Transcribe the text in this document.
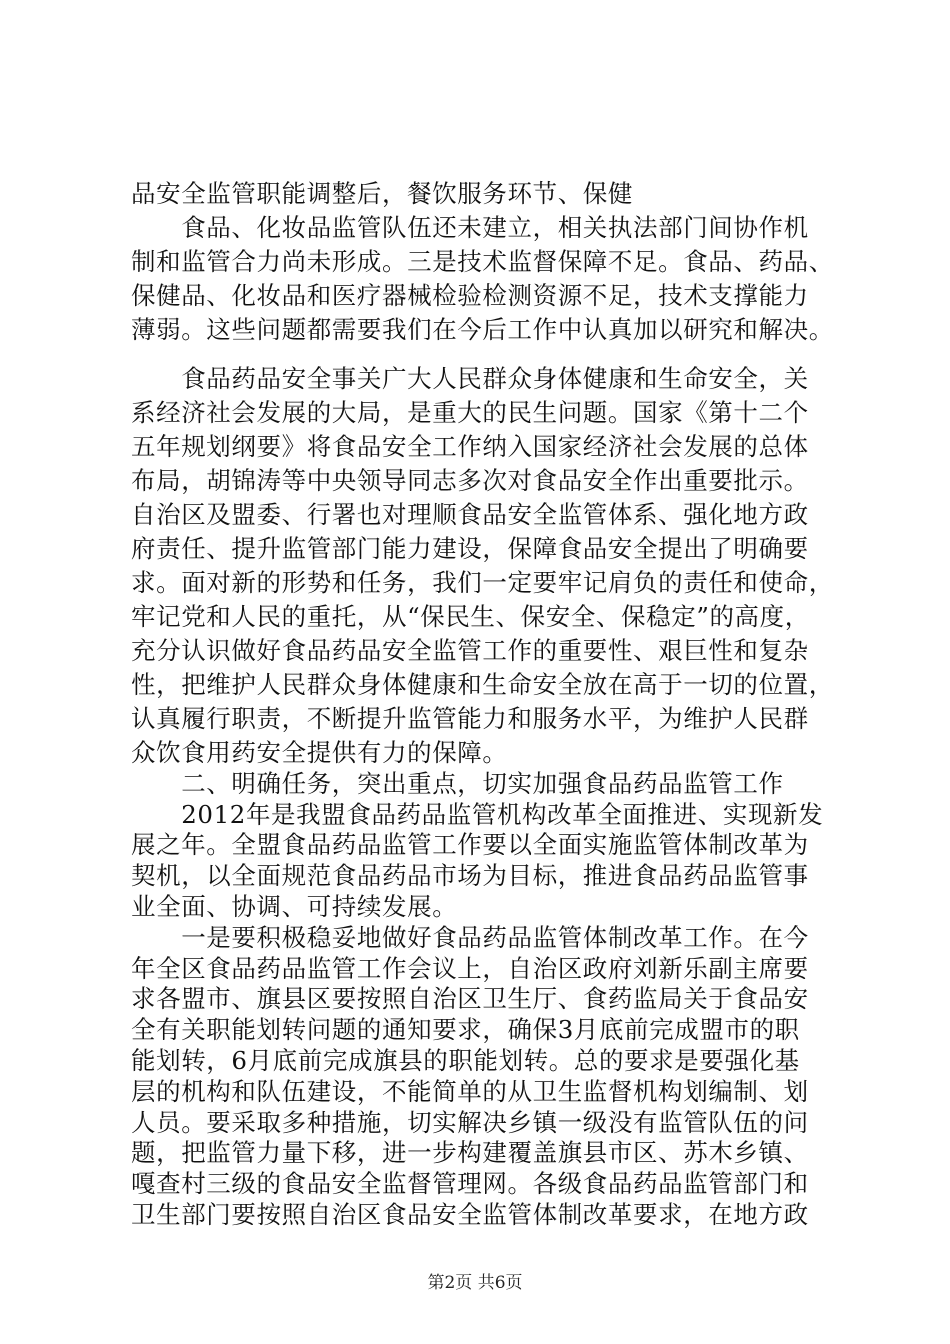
品安全监管职能调整后，餐饮服务环节、保健
　　食品、化妆品监管队伍还未建立，相关执法部门间协作机
制和监管合力尚未形成。三是技术监督保障不足。食品、药品、
保健品、化妆品和医疗器械检验检测资源不足，技术支撑能力
薄弱。这些问题都需要我们在今后工作中认真加以研究和解决。
　　食品药品安全事关广大人民群众身体健康和生命安全，关
系经济社会发展的大局，是重大的民生问题。国家《第十二个
五年规划纲要》将食品安全工作纳入国家经济社会发展的总体
布局，胡锦涛等中央领导同志多次对食品安全作出重要批示。
自治区及盟委、行署也对理顺食品安全监管体系、强化地方政
府责任、提升监管部门能力建设，保障食品安全提出了明确要
求。面对新的形势和任务，我们一定要牢记肩负的责任和使命，
牢记党和人民的重托，从“保民生、保安全、保稳定”的高度，
充分认识做好食品药品安全监管工作的重要性、艰巨性和复杂
性，把维护人民群众身体健康和生命安全放在高于一切的位置，
认真履行职责，不断提升监管能力和服务水平，为维护人民群
众饮食用药安全提供有力的保障。
　　二、明确任务，突出重点，切实加强食品药品监管工作
　　2012年是我盟食品药品监管机构改革全面推进、实现新发
展之年。全盟食品药品监管工作要以全面实施监管体制改革为
契机，以全面规范食品药品市场为目标，推进食品药品监管事
业全面、协调、可持续发展。
　　一是要积极稳妥地做好食品药品监管体制改革工作。在今
年全区食品药品监管工作会议上，自治区政府刘新乐副主席要
求各盟市、旗县区要按照自治区卫生厅、食药监局关于食品安
全有关职能划转问题的通知要求，确保3月底前完成盟市的职
能划转，6月底前完成旗县的职能划转。总的要求是要强化基
层的机构和队伍建设，不能简单的从卫生监督机构划编制、划
人员。要采取多种措施，切实解决乡镇一级没有监管队伍的问
题，把监管力量下移，进一步构建覆盖旗县市区、苏木乡镇、
嘎查村三级的食品安全监督管理网。各级食品药品监管部门和
卫生部门要按照自治区食品安全监管体制改革要求，在地方政
第2页 共6页
